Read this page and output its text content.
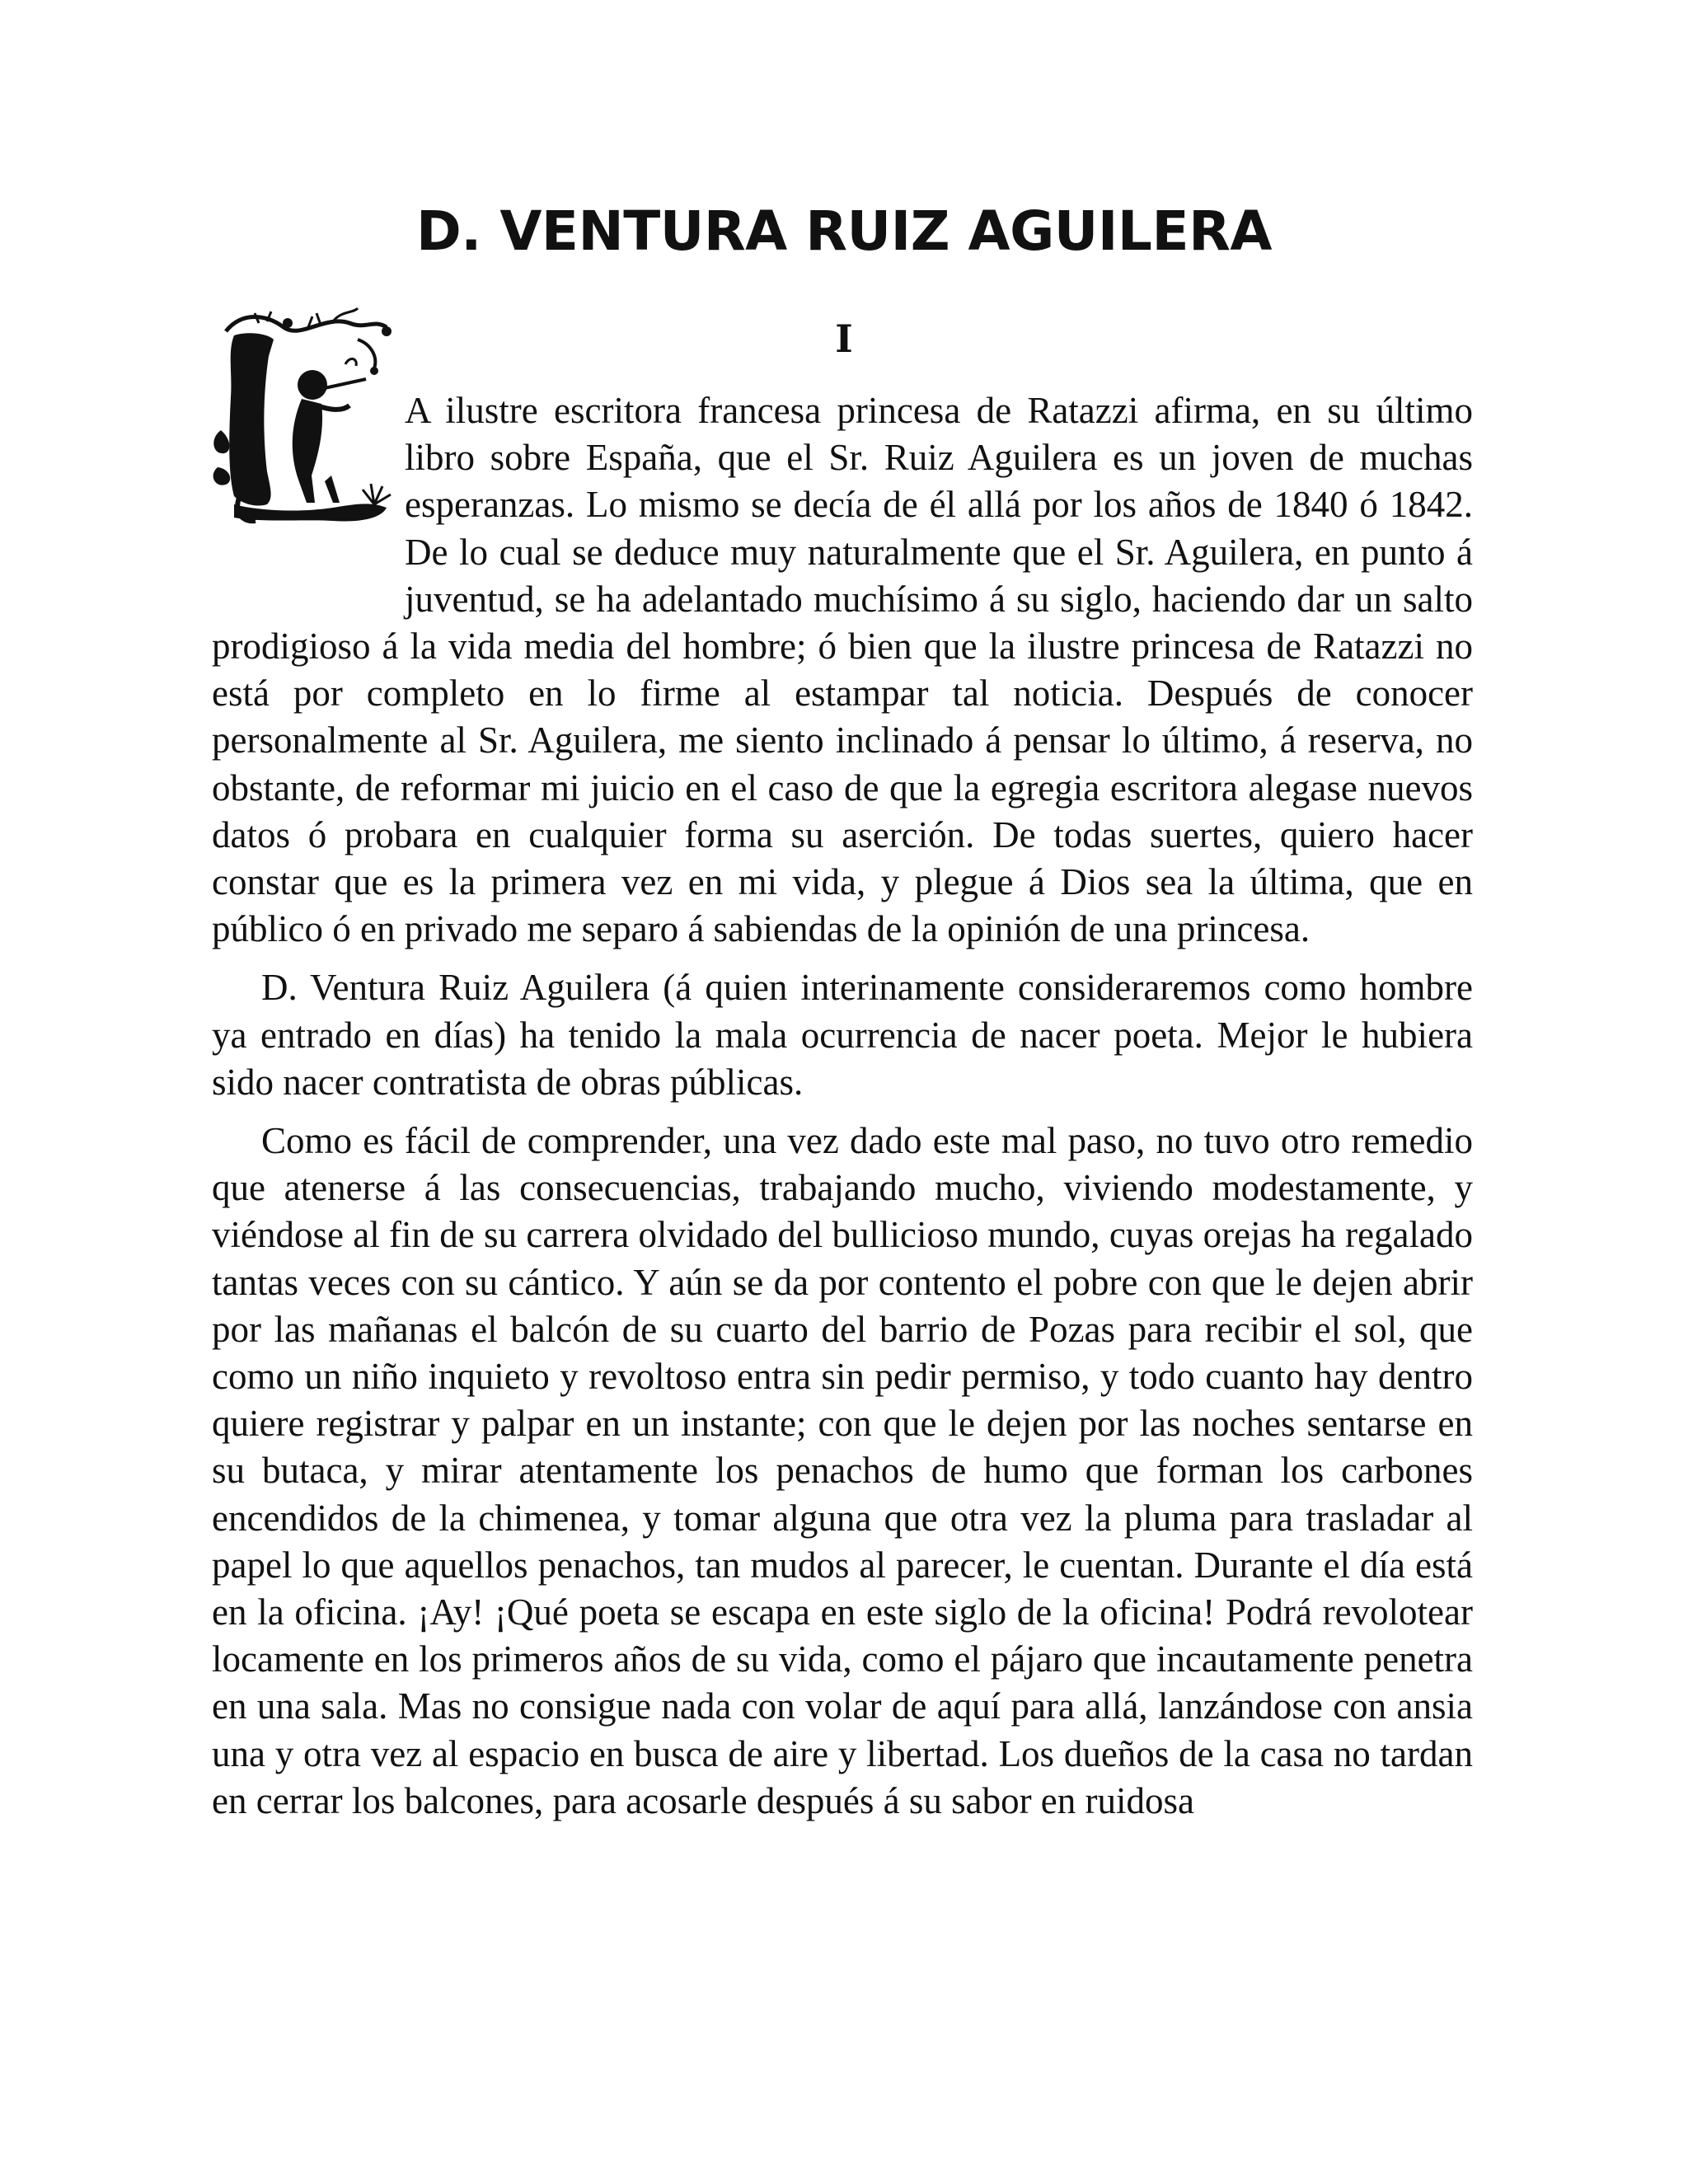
D. VENTURA RUIZ AGUILERA
I

A ilustre escritora francesa princesa de Ratazzi afirma, en su último libro sobre España, que el Sr. Ruiz Aguilera es un joven de muchas esperanzas. Lo mismo se decía de él allá por los años de 1840 ó 1842. De lo cual se deduce muy naturalmente que el Sr. Aguilera, en punto á juventud, se ha adelantado muchísimo á su siglo, haciendo dar un salto prodigioso á la vida media del hombre; ó bien que la ilustre princesa de Ratazzi no está por completo en lo firme al estampar tal noticia. Después de conocer personalmente al Sr. Aguilera, me siento inclinado á pensar lo último, á reserva, no obstante, de reformar mi juicio en el caso de que la egregia escritora alegase nuevos datos ó probara en cualquier forma su aserción. De todas suertes, quiero hacer constar que es la primera vez en mi vida, y plegue á Dios sea la última, que en público ó en privado me separo á sabiendas de la opinión de una princesa.

D. Ventura Ruiz Aguilera (á quien interinamente consideraremos como hombre ya entrado en días) ha tenido la mala ocurrencia de nacer poeta. Mejor le hubiera sido nacer contratista de obras públicas.

Como es fácil de comprender, una vez dado este mal paso, no tuvo otro remedio que atenerse á las consecuencias, trabajando mucho, viviendo modestamente, y viéndose al fin de su carrera olvidado del bullicioso mundo, cuyas orejas ha regalado tantas veces con su cántico. Y aún se da por contento el pobre con que le dejen abrir por las mañanas el balcón de su cuarto del barrio de Pozas para recibir el sol, que como un niño inquieto y revoltoso entra sin pedir permiso, y todo cuanto hay dentro quiere registrar y palpar en un instante; con que le dejen por las noches sentarse en su butaca, y mirar atentamente los penachos de humo que forman los carbones encendidos de la chimenea, y tomar alguna que otra vez la pluma para trasladar al papel lo que aquellos penachos, tan mudos al parecer, le cuentan. Durante el día está en la oficina. ¡Ay! ¡Qué poeta se escapa en este siglo de la oficina! Podrá revolotear locamente en los primeros años de su vida, como el pájaro que incautamente penetra en una sala. Mas no consigue nada con volar de aquí para allá, lanzándose con ansia una y otra vez al espacio en busca de aire y libertad. Los dueños de la casa no tardan en cerrar los balcones, para acosarle después á su sabor en ruidosa
